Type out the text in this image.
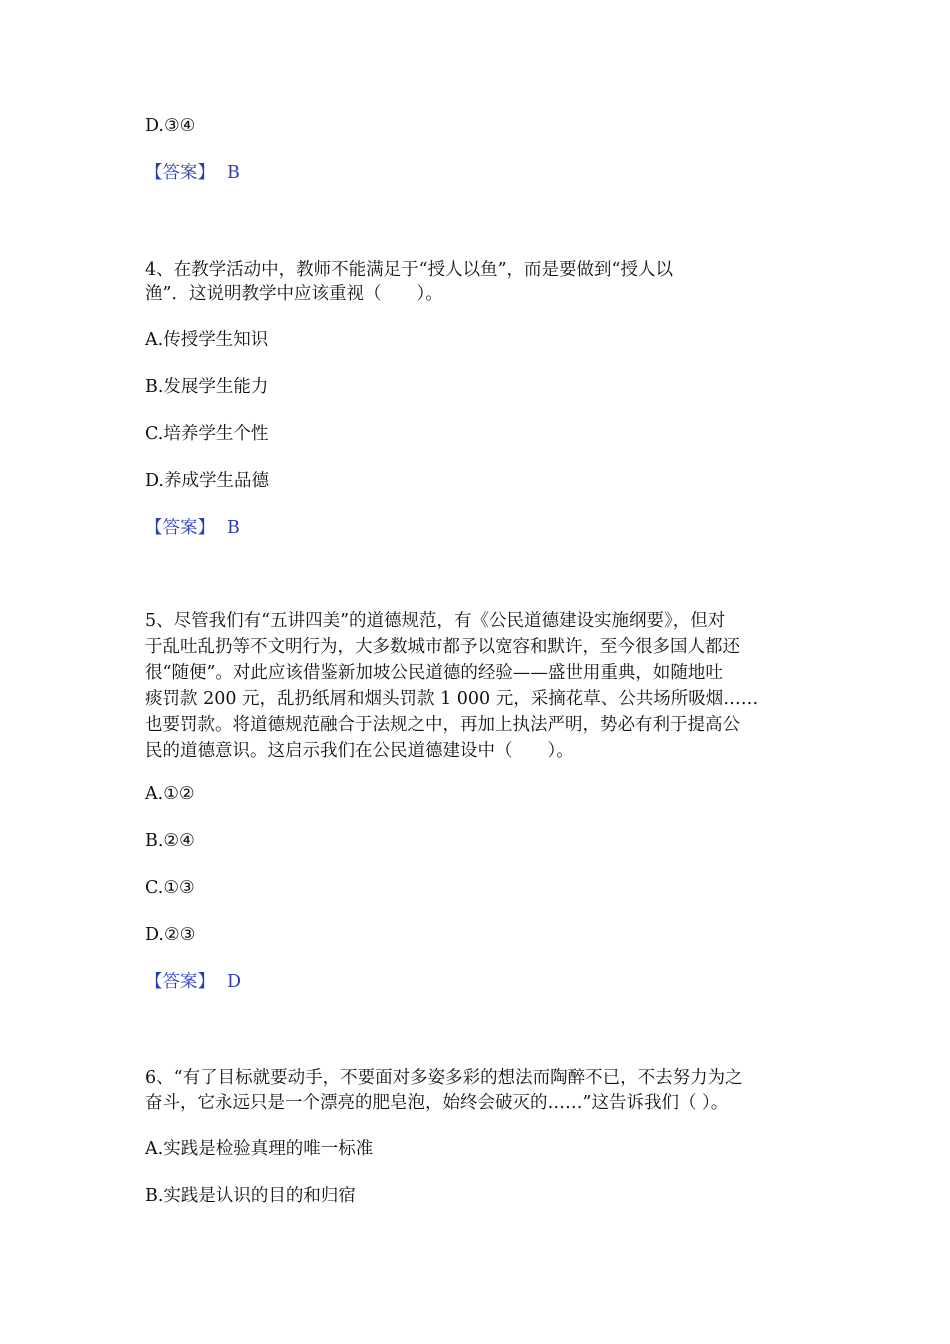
D.③④
【答案】 B
4、在教学活动中，教师不能满足于“授人以鱼”，而是要做到“授人以
渔”．这说明教学中应该重视（　　）。
A.传授学生知识
B.发展学生能力
C.培养学生个性
D.养成学生品德
【答案】 B
5、尽管我们有“五讲四美”的道德规范，有《公民道德建设实施纲要》，但对
于乱吐乱扔等不文明行为，大多数城市都予以宽容和默许，至今很多国人都还
很“随便”。对此应该借鉴新加坡公民道德的经验——盛世用重典，如随地吐
痰罚款 200 元，乱扔纸屑和烟头罚款 1 000 元，采摘花草、公共场所吸烟……
也要罚款。将道德规范融合于法规之中，再加上执法严明，势必有利于提高公
民的道德意识。这启示我们在公民道德建设中（　　）。
A.①②
B.②④
C.①③
D.②③
【答案】 D
6、“有了目标就要动手，不要面对多姿多彩的想法而陶醉不已，不去努力为之
奋斗，它永远只是一个漂亮的肥皂泡，始终会破灭的……”这告诉我们（ ）。
A.实践是检验真理的唯一标准
B.实践是认识的目的和归宿
